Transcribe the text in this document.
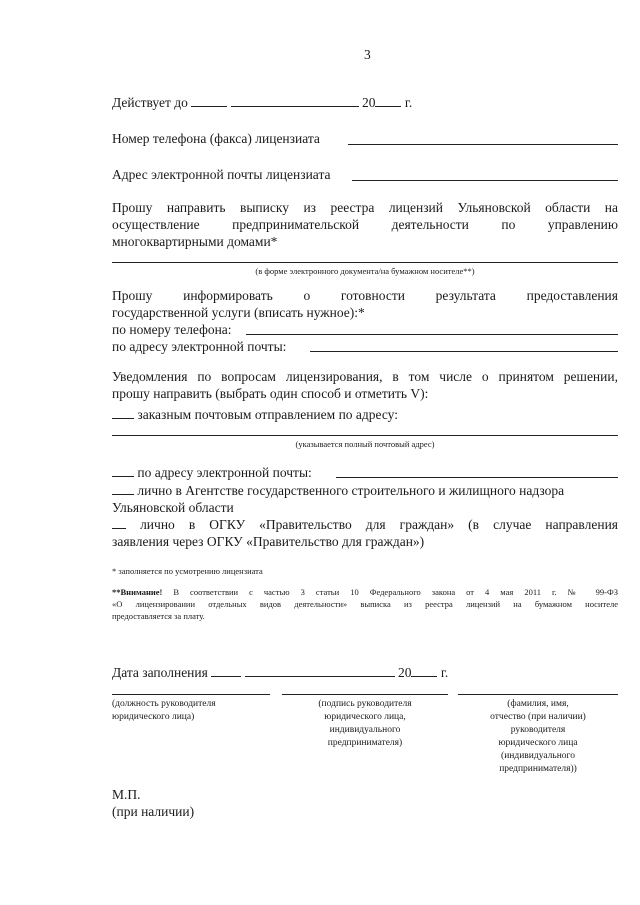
3
Действует до	20 г.
Номер телефона (факса) лицензиата
Адрес электронной почты лицензиата
Прошу направить выписку из реестра лицензий Ульяновской области на
осуществление предпринимательской деятельности по управлению
многоквартирными домами*
(в форме электронного документа/на бумажном носителе**)
Прошу информировать о готовности результата предоставления
государственной услуги (вписать нужное):*
по номеру телефона:
по адресу электронной почты:
Уведомления по вопросам лицензирования, в том числе о принятом решении,
прошу направить (выбрать один способ и отметить V):
заказным почтовым отправлением по адресу:
(указывается полный почтовый адрес)
по адресу электронной почты:
лично в Агентстве государственного строительного и жилищного надзора
Ульяновской области
лично в ОГКУ «Правительство для граждан» (в случае направления
заявления через ОГКУ «Правительство для граждан»)
* заполняется по усмотрению лицензиата
**Внимание! В соответствии с частью 3 статьи 10 Федерального закона от 4 мая 2011 г. № 99-ФЗ
«О лицензировании отдельных видов деятельности» выписка из реестра лицензий на бумажном носителе
предоставляется за плату.
Дата заполнения	20 г.
(должность руководителя
юридического лица)
(подпись руководителя
юридического лица,
индивидуального
предпринимателя)
(фамилия, имя,
отчество (при наличии)
руководителя
юридического лица
(индивидуального
предпринимателя))
М.П.
(при наличии)
